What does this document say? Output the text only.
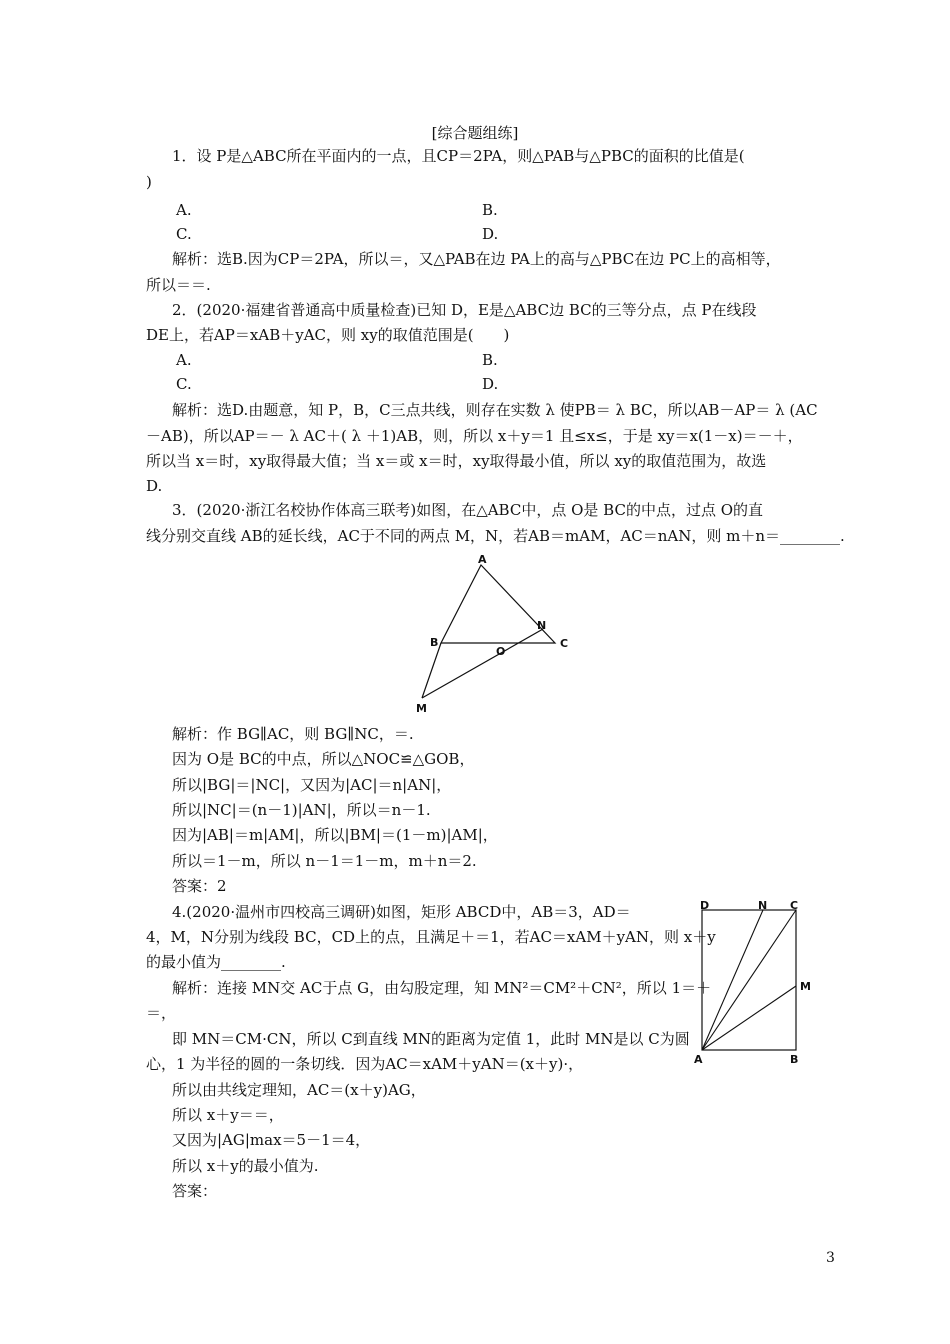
[综合题组练]
1．设 P是△ABC所在平面内的一点，且CP＝2PA，则△PAB与△PBC的面积的比值是(
)
A.	B.
C.	D.
解析：选B.因为CP＝2PA，所以＝，又△PAB在边 PA上的高与△PBC在边 PC上的高相等，
所以＝＝.
2．(2020·福建省普通高中质量检查)已知 D，E是△ABC边 BC的三等分点，点 P在线段
DE上，若AP＝xAB＋yAC，则 xy的取值范围是(　　)
A.	B.
C.	D.
解析：选D.由题意，知 P，B，C三点共线，则存在实数 λ 使PB＝ λ BC，所以AB－AP＝ λ (AC
－AB)，所以AP＝－ λ AC＋( λ ＋1)AB，则，所以 x＋y＝1 且≤x≤，于是 xy＝x(1－x)＝－＋，
所以当 x＝时，xy取得最大值；当 x＝或 x＝时，xy取得最小值，所以 xy的取值范围为，故选
D.
3．(2020·浙江名校协作体高三联考)如图，在△ABC中，点 O是 BC的中点，过点 O的直
线分别交直线 AB的延长线，AC于不同的两点 M，N，若AB＝mAM，AC＝nAN，则 m＋n＝________.
A
B	C
N
O
M
解析：作 BG∥AC，则 BG∥NC，＝.
因为 O是 BC的中点，所以△NOC≌△GOB，
所以|BG|＝|NC|，又因为|AC|＝n|AN|，
所以|NC|＝(n－1)|AN|，所以＝n－1.
因为|AB|＝m|AM|，所以|BM|＝(1－m)|AM|，
所以＝1－m，所以 n－1＝1－m，m＋n＝2.
答案：2
4.(2020·温州市四校高三调研)如图，矩形 ABCD中，AB＝3，AD＝
4，M，N分别为线段 BC，CD上的点，且满足＋＝1，若AC＝xAM＋yAN，则 x＋y
的最小值为________.
解析：连接 MN交 AC于点 G，由勾股定理，知 MN²＝CM²＋CN²，所以 1＝＋
＝，
即 MN＝CM·CN，所以 C到直线 MN的距离为定值 1，此时 MN是以 C为圆
心，1 为半径的圆的一条切线．因为AC＝xAM＋yAN＝(x＋y)·，
所以由共线定理知，AC＝(x＋y)AG，
所以 x＋y＝＝，
又因为|AG|max＝5－1＝4，
所以 x＋y的最小值为.
答案：
D	N C
M
A	B
3
